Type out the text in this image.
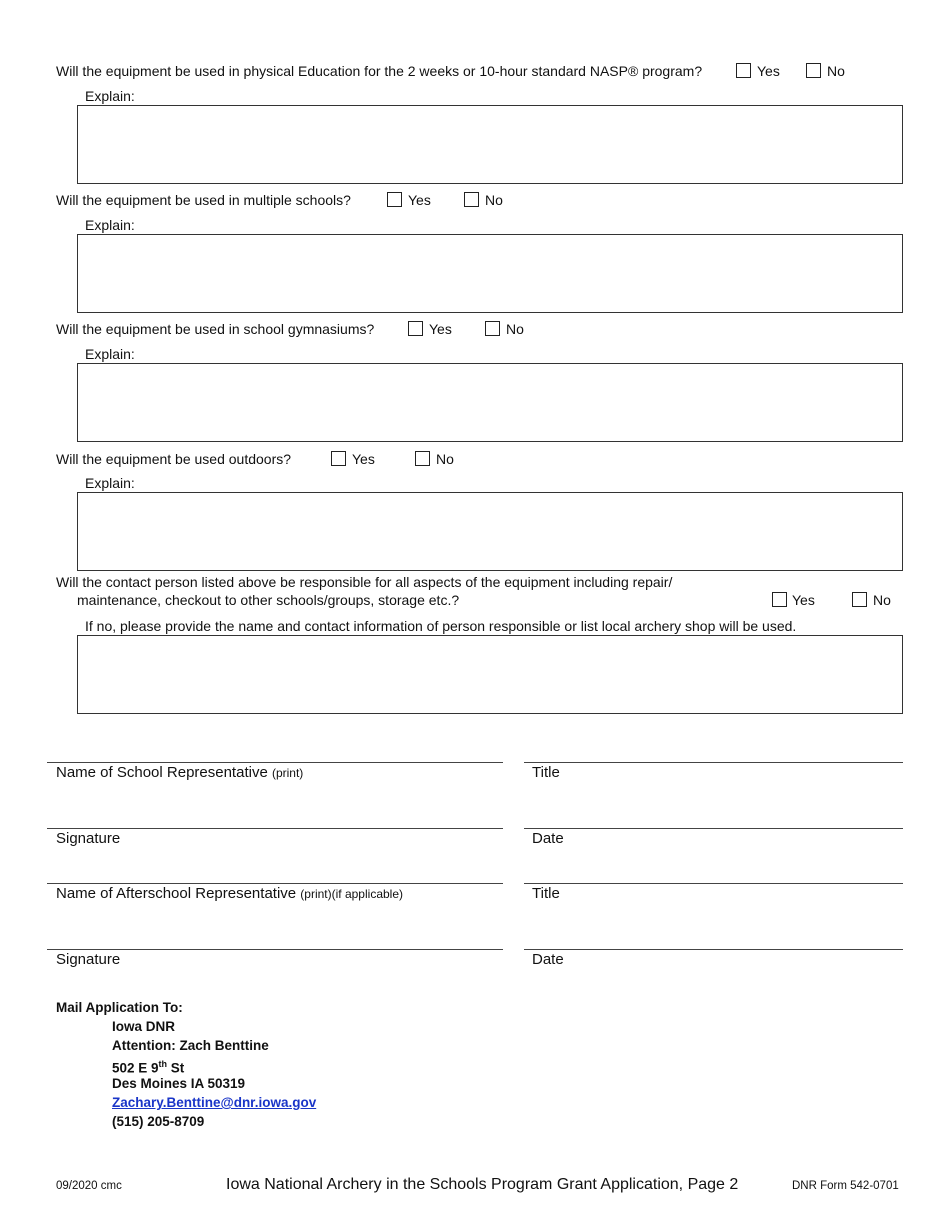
Will the equipment be used in physical Education for the 2 weeks or 10-hour standard NASP® program?	Yes	No
Explain:
Will the equipment be used in multiple schools?	Yes	No
Explain:
Will the equipment be used in school gymnasiums?	Yes	No
Explain:
Will the equipment be used outdoors?	Yes	No
Explain:
Will the contact person listed above be responsible for all aspects of the equipment including repair/
maintenance, checkout to other schools/groups, storage etc.?	Yes	No
If no, please provide the name and contact information of person responsible or list local archery shop will be used.
Name of School Representative (print)	Title
Signature	Date
Name of Afterschool Representative (print)(if applicable)	Title
Signature	Date
Mail Application To:
Iowa DNR
Attention: Zach Benttine
502 E 9th St
Des Moines IA 50319
Zachary.Benttine@dnr.iowa.gov
(515) 205-8709
09/2020 cmc	Iowa National Archery in the Schools Program Grant Application, Page 2	DNR Form 542-0701
